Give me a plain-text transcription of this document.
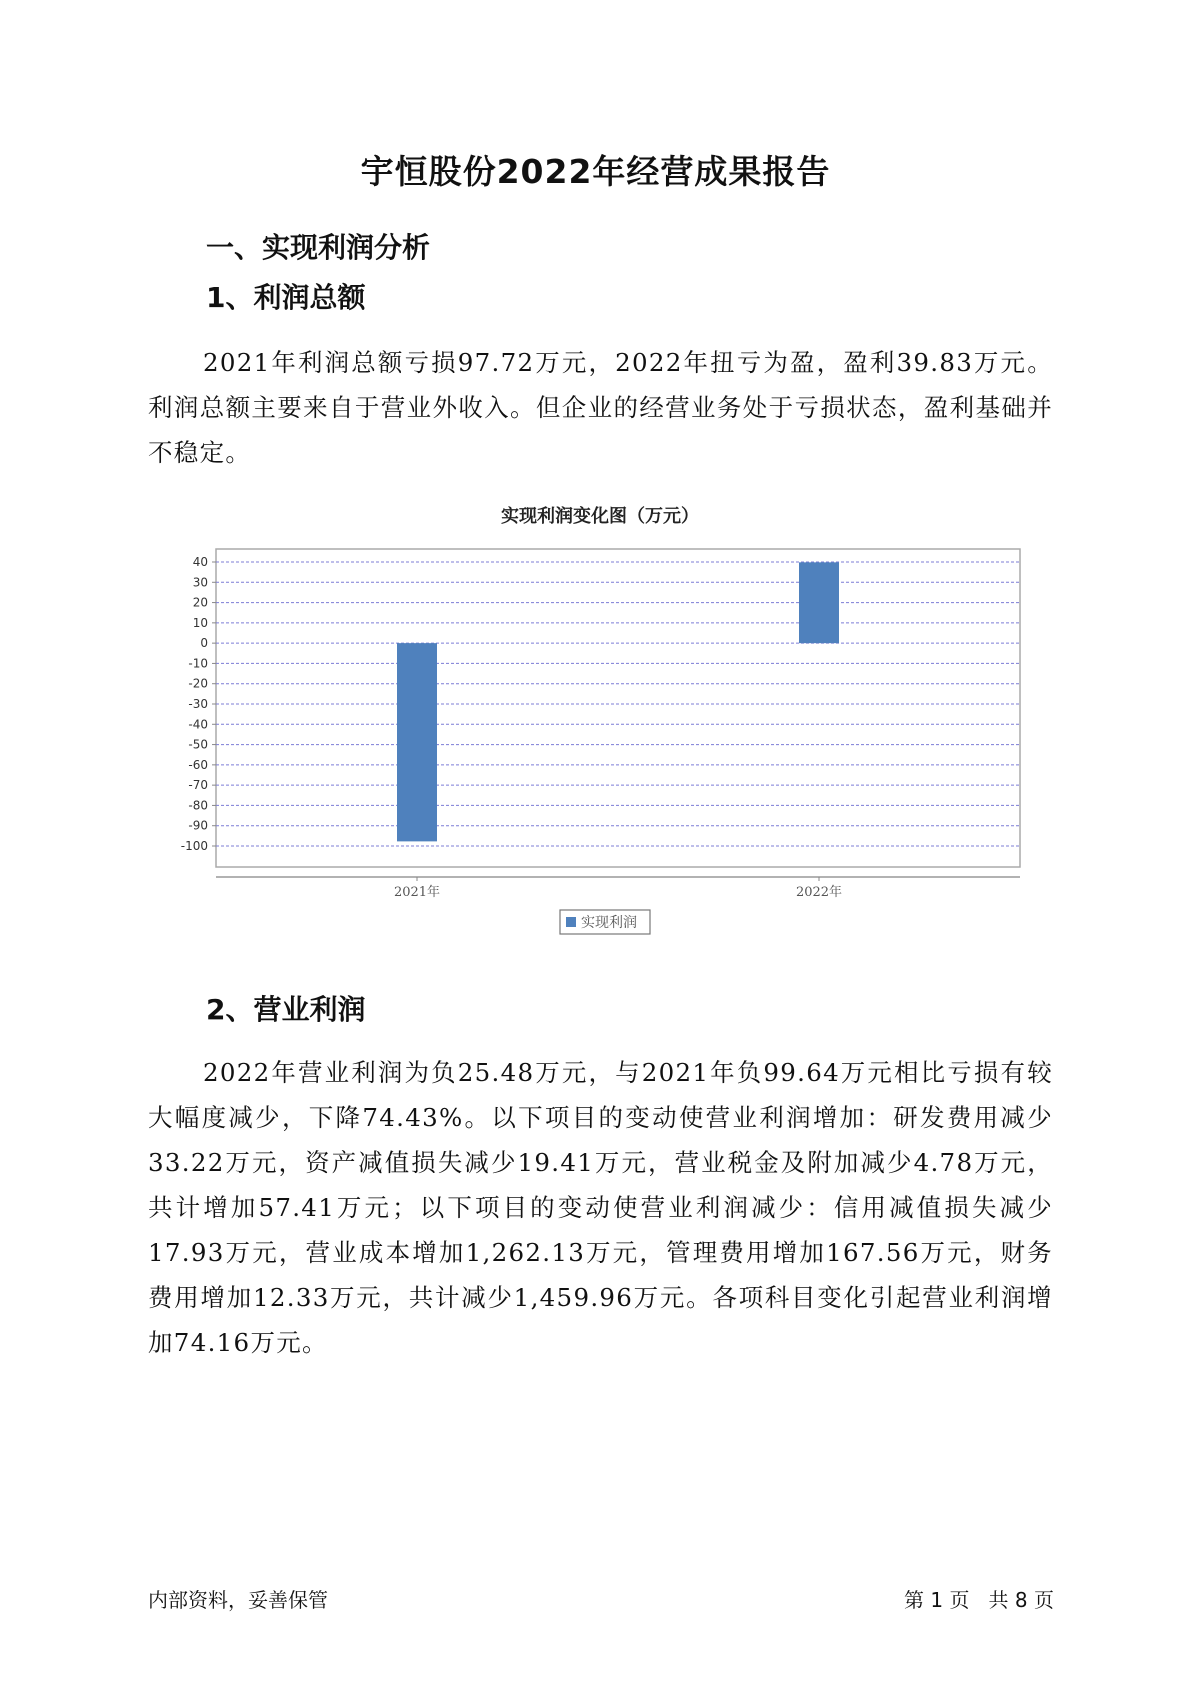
宇恒股份2022年经营成果报告
一、实现利润分析
1、利润总额
2021年利润总额亏损97.72万元，2022年扭亏为盈，盈利39.83万元。利润总额主要来自于营业外收入。但企业的经营业务处于亏损状态，盈利基础并不稳定。
实现利润变化图（万元）
40
30
20
10
0
-10
-20
-30
-40
-50
-60
-70
-80
-90
-100
2021年	2022年
实现利润
2、营业利润
2022年营业利润为负25.48万元，与2021年负99.64万元相比亏损有较大幅度减少，下降74.43%。以下项目的变动使营业利润增加：研发费用减少33.22万元，资产减值损失减少19.41万元，营业税金及附加减少4.78万元，共计增加57.41万元；以下项目的变动使营业利润减少：信用减值损失减少17.93万元，营业成本增加1,262.13万元，管理费用增加167.56万元，财务费用增加12.33万元，共计减少1,459.96万元。各项科目变化引起营业利润增加74.16万元。
内部资料，妥善保管	第 1 页   共 8 页
